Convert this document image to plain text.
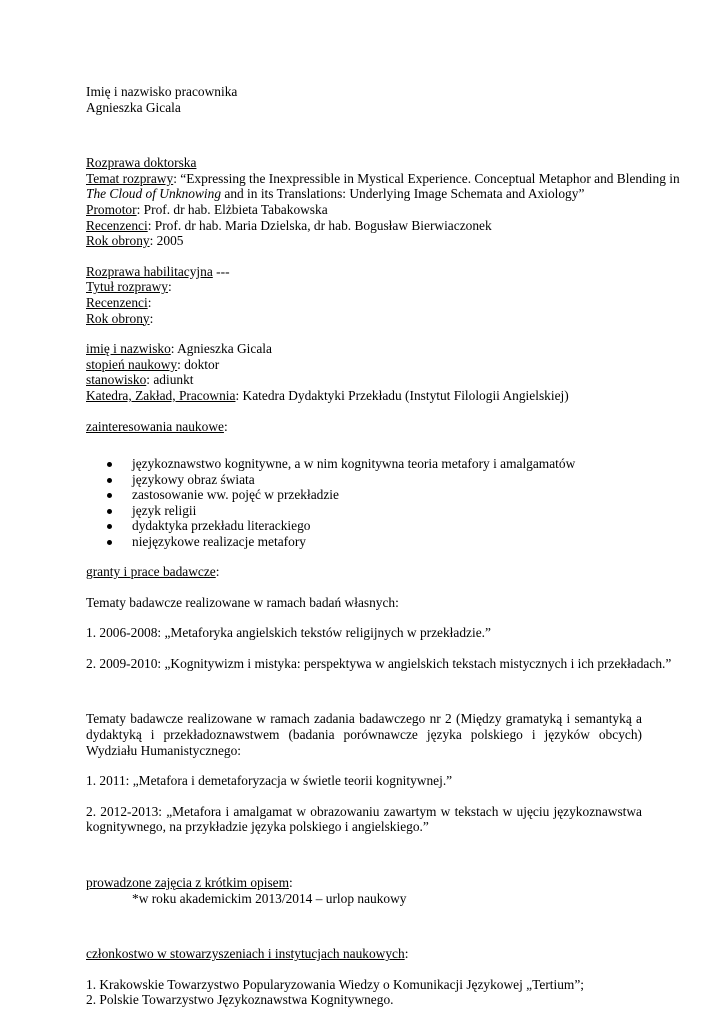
Imię i nazwisko pracownika
Agnieszka Gicala
Rozprawa doktorska
Temat rozprawy: “Expressing the Inexpressible in Mystical Experience. Conceptual Metaphor and Blending in
The Cloud of Unknowing and in its Translations: Underlying Image Schemata and Axiology”
Promotor: Prof. dr hab. Elżbieta Tabakowska
Recenzenci: Prof. dr hab. Maria Dzielska, dr hab. Bogusław Bierwiaczonek
Rok obrony: 2005
Rozprawa habilitacyjna ---
Tytuł rozprawy:
Recenzenci:
Rok obrony:
imię i nazwisko: Agnieszka Gicala
stopień naukowy: doktor
stanowisko: adiunkt
Katedra, Zakład, Pracownia: Katedra Dydaktyki Przekładu (Instytut Filologii Angielskiej)
zainteresowania naukowe:
językoznawstwo kognitywne, a w nim kognitywna teoria metafory i amalgamatów
językowy obraz świata
zastosowanie ww. pojęć w przekładzie
język religii
dydaktyka przekładu literackiego
niejęzykowe realizacje metafory
granty i prace badawcze:
Tematy badawcze realizowane w ramach badań własnych:
1. 2006-2008: „Metaforyka angielskich tekstów religijnych w przekładzie.”
2. 2009-2010: „Kognitywizm i mistyka: perspektywa w angielskich tekstach mistycznych i ich przekładach.”
Tematy badawcze realizowane w ramach zadania badawczego nr 2 (Między gramatyką i semantyką a dydaktyką i przekładoznawstwem (badania porównawcze języka polskiego i języków obcych) Wydziału Humanistycznego:
1. 2011: „Metafora i demetaforyzacja w świetle teorii kognitywnej.”
2. 2012-2013: „Metafora i amalgamat w obrazowaniu zawartym w tekstach w ujęciu językoznawstwa kognitywnego, na przykładzie języka polskiego i angielskiego.”
prowadzone zajęcia z krótkim opisem:
*w roku akademickim 2013/2014 – urlop naukowy
członkostwo w stowarzyszeniach i instytucjach naukowych:
1. Krakowskie Towarzystwo Popularyzowania Wiedzy o Komunikacji Językowej „Tertium”;
2. Polskie Towarzystwo Językoznawstwa Kognitywnego.
